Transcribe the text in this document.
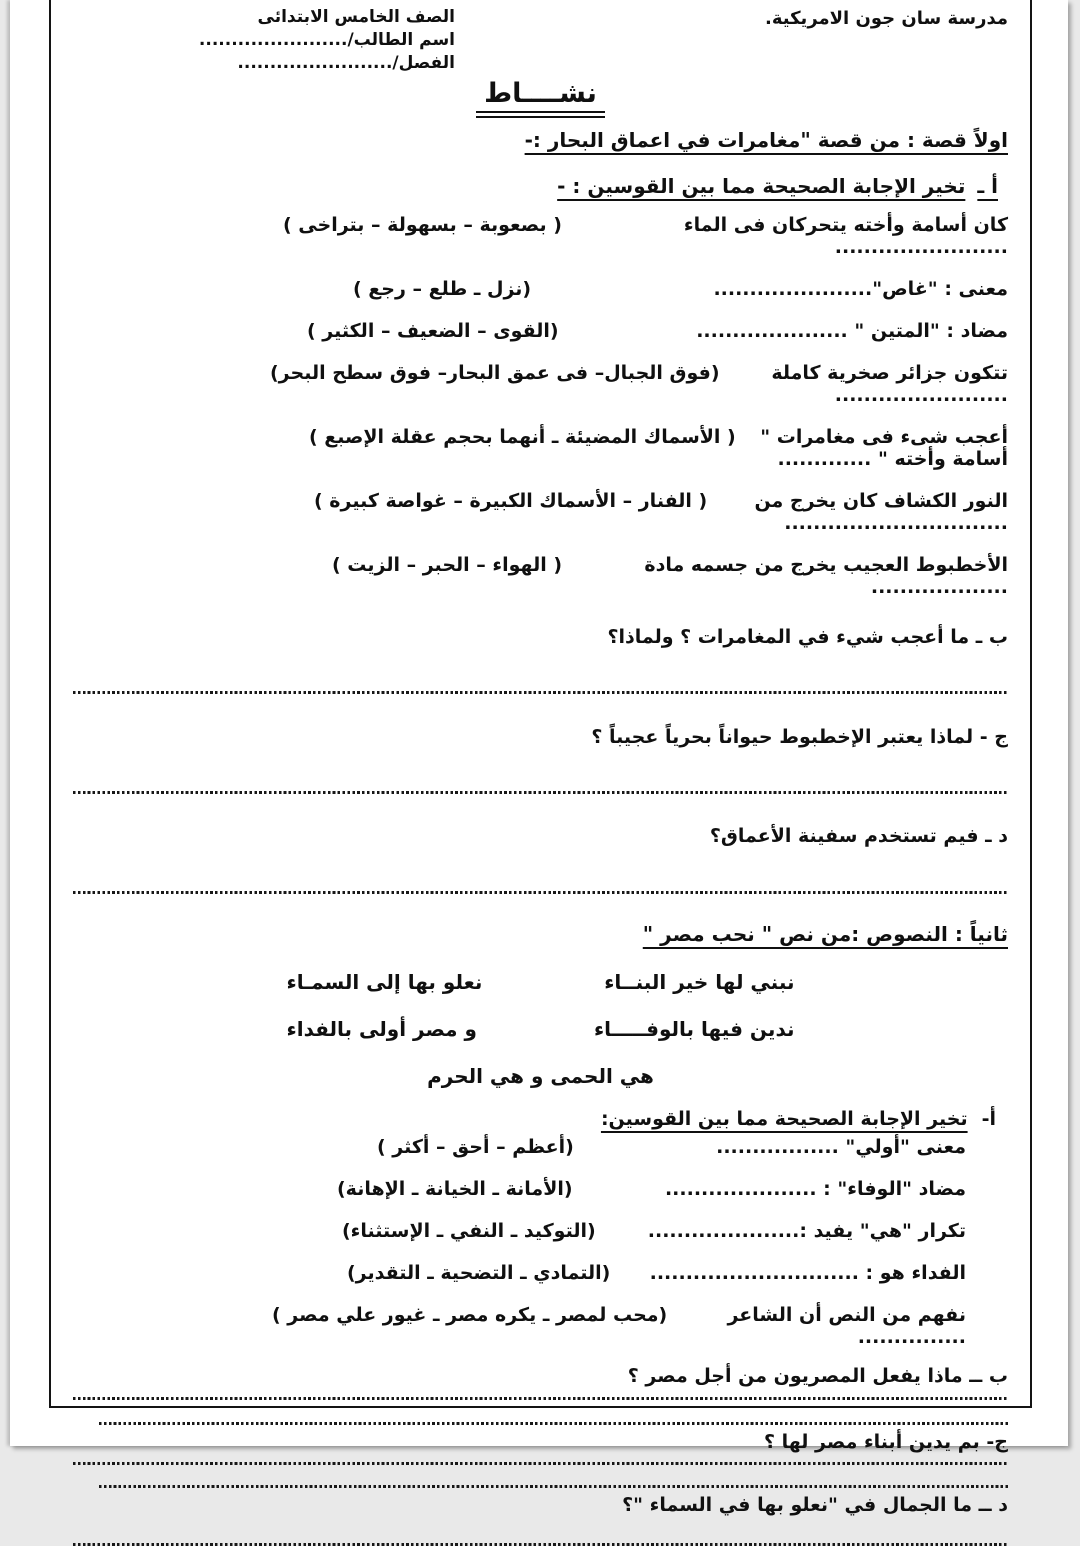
مدرسة سان جون الامريكية.
الصف الخامس الابتدائى
اسم الطالب/.......................
الفصل/........................
نشــــاط
اولاً قصة : من قصة "مغامرات في اعماق البحار :-
أ ـ
تخير الإجابة الصحيحة مما بين القوسين : -
كان أسامة وأخته يتحركان فى الماء ........................
( بصعوبة – بسهولة – بتراخى )
معنى : "غاص"......................
(نزل ـ طلع – رجع )
مضاد : "المتين " .....................
(القوى – الضعيف – الكثير )
تتكون جزائر صخرية كاملة ........................
(فوق الجبال– فى عمق البحار– فوق سطح البحر)
أعجب شىء فى مغامرات " أسامة وأخته " .............
( الأسماك المضيئة ـ أنهما بحجم عقلة الإصبع )
النور الكشاف كان يخرج من ...............................
( الفنار – الأسماك الكبيرة – غواصة كبيرة )
الأخطبوط العجيب يخرج من جسمه مادة ...................
( الهواء – الحبر – الزيت )
ب ـ ما أعجب شيء في المغامرات ؟ ولماذا؟
ج - لماذا يعتبر الإخطبوط حيواناً بحرياً عجيباً ؟
د ـ فيم تستخدم سفينة الأعماق؟
ثانياً : النصوص :من نص " نحب مصر "
نبني لها خير البنــاء
نعلو بها إلى السمـاء
ندين فيها بالوفـــــاء
و مصر أولى بالفداء
هي الحمى و هي الحرم
أ-
تخير الإجابة الصحيحة مما بين القوسين:
معنى "أولي" .................
(أعظم – أحق – أكثر )
مضاد "الوفاء" : .....................
(الأمانة ـ الخيانة ـ الإهانة)
تكرار "هي" يفيد :.....................
(التوكيد ـ النفي ـ الإستثناء)
الفداء هو : .............................
(التمادي ـ التضحية ـ التقدير)
نفهم من النص أن الشاعر ...............
(محب لمصر ـ يكره مصر ـ غيور علي مصر )
ب ــ ماذا يفعل المصريون من أجل مصر ؟
ج- بم يدين أبناء مصر لها ؟
د ــ ما الجمال في "نعلو بها في السماء "؟
